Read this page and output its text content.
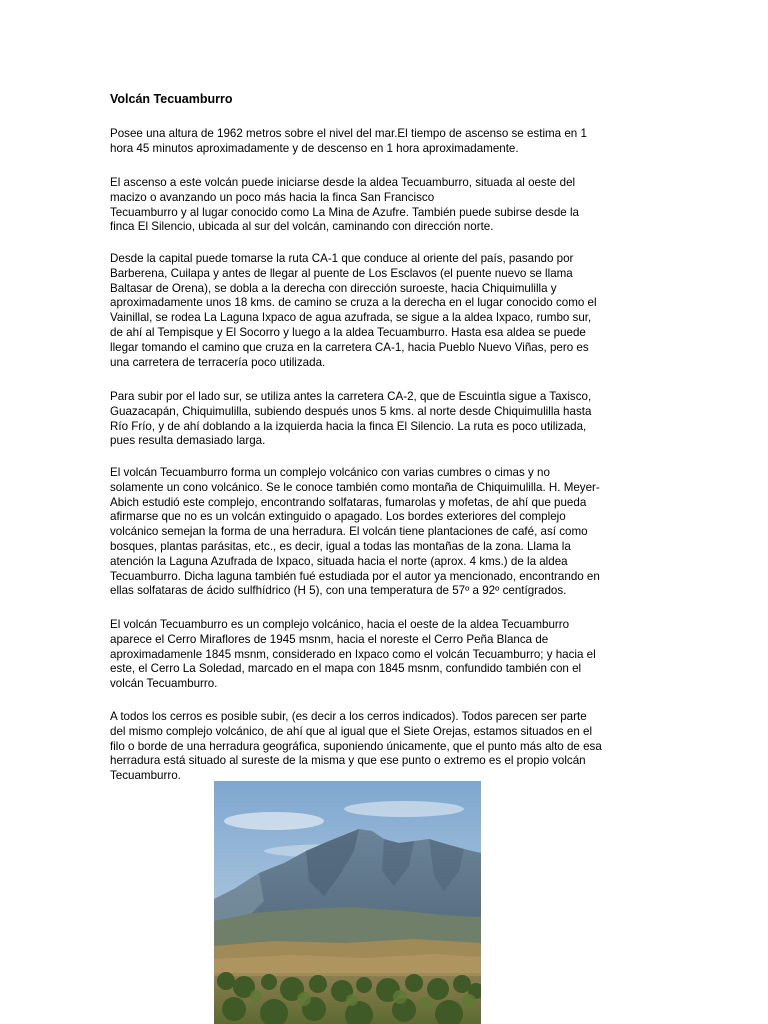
Volcán Tecuamburro

Posee una altura de 1962 metros sobre el nivel del mar.El tiempo de ascenso se estima en 1
hora 45 minutos aproximadamente y de descenso en 1 hora aproximadamente.

El ascenso a este volcán puede iniciarse desde la aldea Tecuamburro, situada al oeste del
macizo o avanzando un poco más hacia la finca San Francisco
Tecuamburro y al lugar conocido como La Mina de Azufre. También puede subirse desde la
finca El Silencio, ubicada al sur del volcán, caminando con dirección norte.

Desde la capital puede tomarse la ruta CA-1 que conduce al oriente del país, pasando por
Barberena, Cuilapa y antes de llegar al puente de Los Esclavos (el puente nuevo se llama
Baltasar de Orena), se dobla a la derecha con dirección suroeste, hacia Chiquimulilla y
aproximadamente unos 18 kms. de camino se cruza a la derecha en el lugar conocido como el
Vainillal, se rodea La Laguna Ixpaco de agua azufrada, se sigue a la aldea Ixpaco, rumbo sur,
de ahí al Tempisque y El Socorro y luego a la aldea Tecuamburro. Hasta esa aldea se puede
llegar tomando el camino que cruza en la carretera CA-1, hacia Pueblo Nuevo Viñas, pero es
una carretera de terracería poco utilizada.

Para subir por el lado sur, se utiliza antes la carretera CA-2, que de Escuintla sigue a Taxisco,
Guazacapán, Chiquimulilla, subiendo después unos 5 kms. al norte desde Chiquimulilla hasta
Río Frío, y de ahí doblando a la izquierda hacia la finca El Silencio. La ruta es poco utilizada,
pues resulta demasiado larga.

El volcán Tecuamburro forma un complejo volcánico con varias cumbres o cimas y no
solamente un cono volcánico. Se le conoce también como montaña de Chiquimulilla. H. Meyer-
Abich estudió este complejo, encontrando solfataras, fumarolas y mofetas, de ahí que pueda
afirmarse que no es un volcán extinguido o apagado. Los bordes exteriores del complejo
volcánico semejan la forma de una herradura. El volcán tiene plantaciones de café, así como
bosques, plantas parásitas, etc., es decir, igual a todas las montañas de la zona. Llama la
atención la Laguna Azufrada de Ixpaco, situada hacia el norte (aprox. 4 kms.) de la aldea
Tecuamburro. Dicha laguna también fué estudiada por el autor ya mencionado, encontrando en
ellas solfataras de ácido sulfhídrico (H 5), con una temperatura de 57º a 92º centígrados.

El volcán Tecuamburro es un complejo volcánico, hacia el oeste de la aldea Tecuamburro
aparece el Cerro Miraflores de 1945 msnm, hacia el noreste el Cerro Peña Blanca de
aproximadamenle 1845 msnm, considerado en Ixpaco como el volcán Tecuamburro; y hacia el
este, el Cerro La Soledad, marcado en el mapa con 1845 msnm, confundido también con el
volcán Tecuamburro.

A todos los cerros es posible subir, (es decir a los cerros indicados). Todos parecen ser parte
del mismo complejo volcánico, de ahí que al igual que el Siete Orejas, estamos situados en el
filo o borde de una herradura geográfica, suponiendo únicamente, que el punto más alto de esa
herradura está situado al sureste de la misma y que ese punto o extremo es el propio volcán
Tecuamburro.
